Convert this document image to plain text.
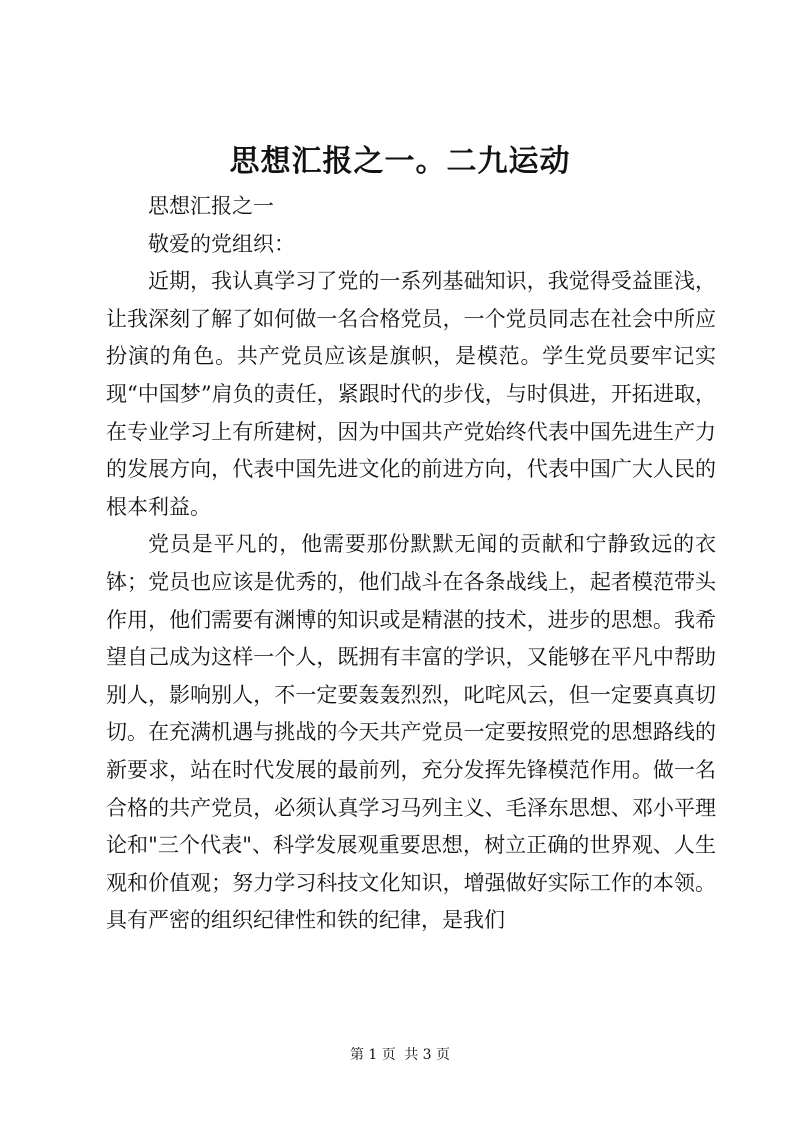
思想汇报之一。二九运动

思想汇报之一

敬爱的党组织：

近期，我认真学习了党的一系列基础知识，我觉得受益匪浅，让我深刻了解了如何做一名合格党员，一个党员同志在社会中所应扮演的角色。共产党员应该是旗帜，是模范。学生党员要牢记实现“中国梦”肩负的责任，紧跟时代的步伐，与时俱进，开拓进取，在专业学习上有所建树，因为中国共产党始终代表中国先进生产力的发展方向，代表中国先进文化的前进方向，代表中国广大人民的根本利益。

党员是平凡的，他需要那份默默无闻的贡献和宁静致远的衣钵；党员也应该是优秀的，他们战斗在各条战线上，起者模范带头作用，他们需要有渊博的知识或是精湛的技术，进步的思想。我希望自己成为这样一个人，既拥有丰富的学识，又能够在平凡中帮助别人，影响别人，不一定要轰轰烈烈，叱咤风云，但一定要真真切切。在充满机遇与挑战的今天共产党员一定要按照党的思想路线的新要求，站在时代发展的最前列，充分发挥先锋模范作用。做一名合格的共产党员，必须认真学习马列主义、毛泽东思想、邓小平理论和"三个代表"、科学发展观重要思想，树立正确的世界观、人生观和价值观；努力学习科技文化知识，增强做好实际工作的本领。具有严密的组织纪律性和铁的纪律，是我们

第 1 页 共 3 页
